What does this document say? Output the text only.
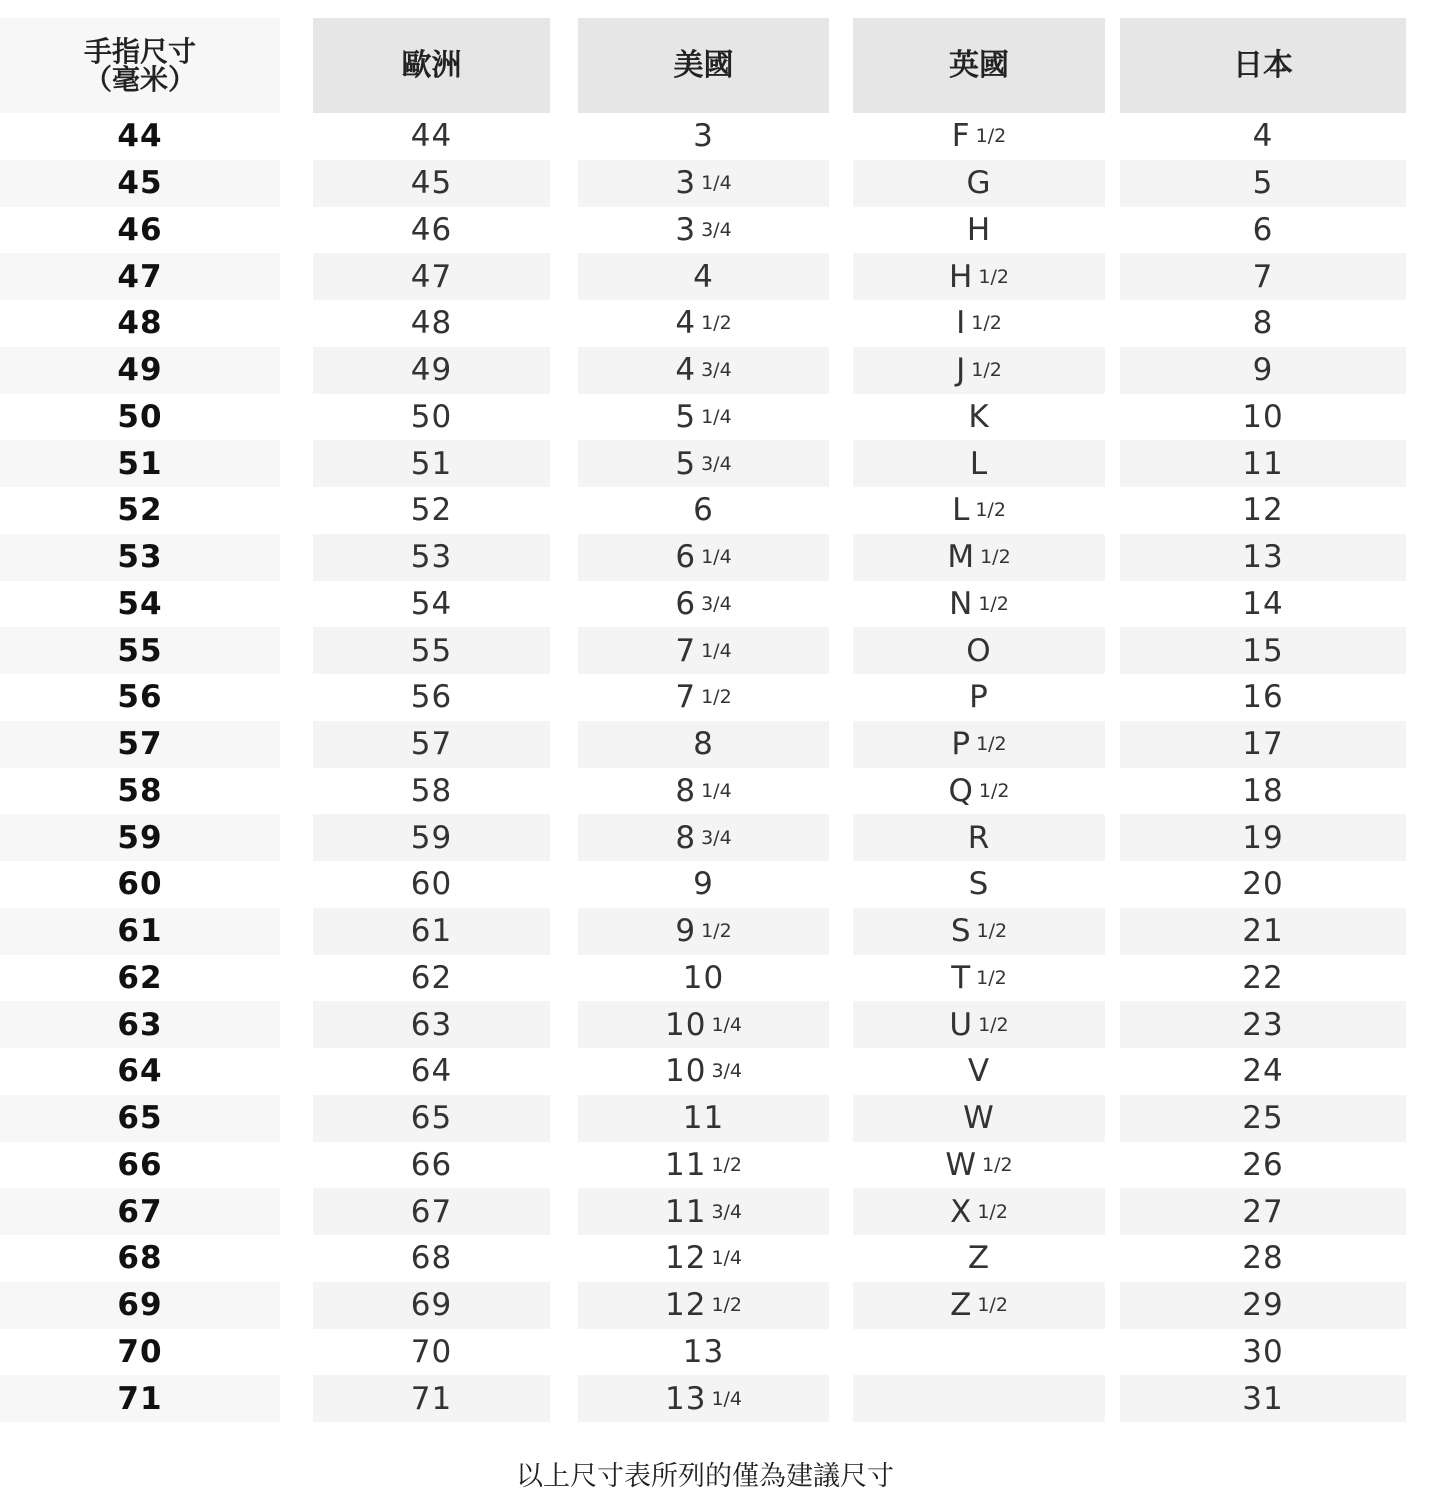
手指尺寸
（毫米）
44
45
46
47
48
49
50
51
52
53
54
55
56
57
58
59
60
61
62
63
64
65
66
67
68
69
70
71
歐洲
44
45
46
47
48
49
50
51
52
53
54
55
56
57
58
59
60
61
62
63
64
65
66
67
68
69
70
71
美國
3
3 1/4
3 3/4
4
4 1/2
4 3/4
5 1/4
5 3/4
6
6 1/4
6 3/4
7 1/4
7 1/2
8
8 1/4
8 3/4
9
9 1/2
10
10 1/4
10 3/4
11
11 1/2
11 3/4
12 1/4
12 1/2
13
13 1/4
英國
F 1/2
G
H
H 1/2
I 1/2
J 1/2
K
L
L 1/2
M 1/2
N 1/2
O
P
P 1/2
Q 1/2
R
S
S 1/2
T 1/2
U 1/2
V
W
W 1/2
X 1/2
Z
Z 1/2
日本
4
5
6
7
8
9
10
11
12
13
14
15
16
17
18
19
20
21
22
23
24
25
26
27
28
29
30
31
以上尺寸表所列的僅為建議尺寸
